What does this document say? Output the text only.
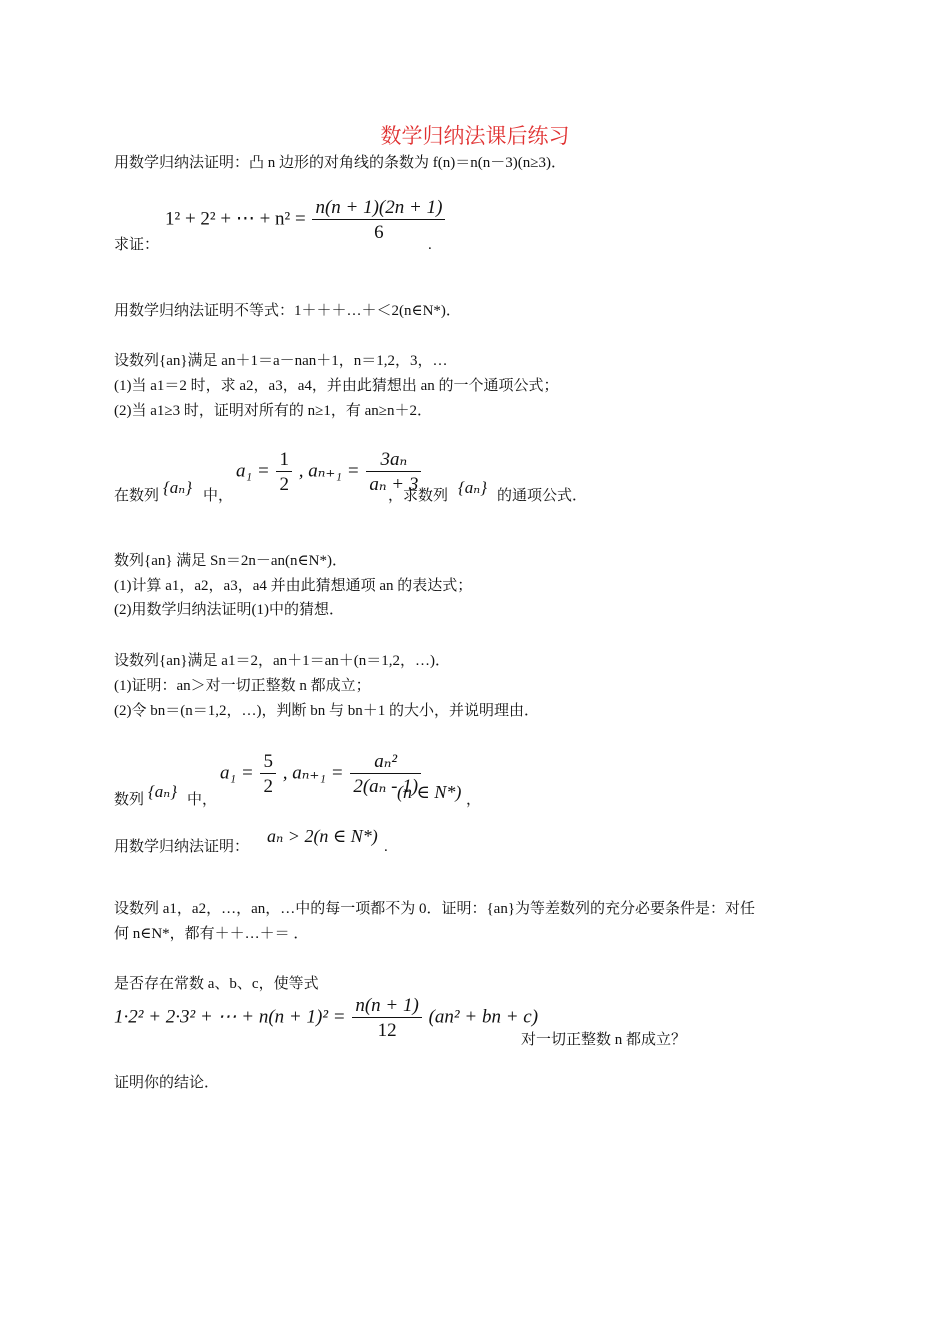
数学归纳法课后练习
用数学归纳法证明：凸 n 边形的对角线的条数为 f(n)＝n(n－3)(n≥3)．
1² + 2² + ⋯ + $n^2 = \frac{n(n + 1)(2n + 1)}{6}$
求证：	.
用数学归纳法证明不等式：1＋＋＋…＋＜2(n∈N*)．
设数列{an}满足 an＋1＝a－nan＋1，n＝1,2，3，…
(1)当 a1＝2 时，求 a2，a3，a4，并由此猜想出 an 的一个通项公式；
(2)当 a1≥3 时，证明对所有的 n≥1，有 an≥n＋2．
在数列 {aₙ} 中，
$a_1 = \frac{1}{2}$ , $a_{n+1} = \frac{\text{3aₙ}}{\text{aₙ + 3}}$
，求数列 {aₙ} 的通项公式．
数列{an} 满足 Sn＝2n－an(n∈N*)．
(1)计算 a1，a2，a3，a4 并由此猜想通项 an 的表达式；
(2)用数学归纳法证明(1)中的猜想．
设数列{an}满足 a1＝2，an＋1＝an＋(n＝1,2，…)．
(1)证明：an＞对一切正整数 n 都成立；
(2)令 bn＝(n＝1,2，…)，判断 bn 与 bn＋1 的大小，并说明理由．
数列 {aₙ} 中，
$a_1 = \frac{5}{2}$ , $a_{n+1} = \frac{\text{aₙ²}}{\text{2(aₙ - 1)}}$
(n ∈ N*) ，
用数学归纳法证明：
aₙ > 2(n ∈ N*)
.
设数列 a1，a2，…，an，…中的每一项都不为 0．证明：{an}为等差数列的充分必要条件是：对任
何 n∈N*，都有＋＋…＋＝ ．
是否存在常数 a、b、c，使等式
1·2² + 2·3² + ⋯ + $n(n + 1)^2 = \frac{n(n + 1)}{12} (an^2$ + bn + c)
对一切正整数 n 都成立？
证明你的结论．
